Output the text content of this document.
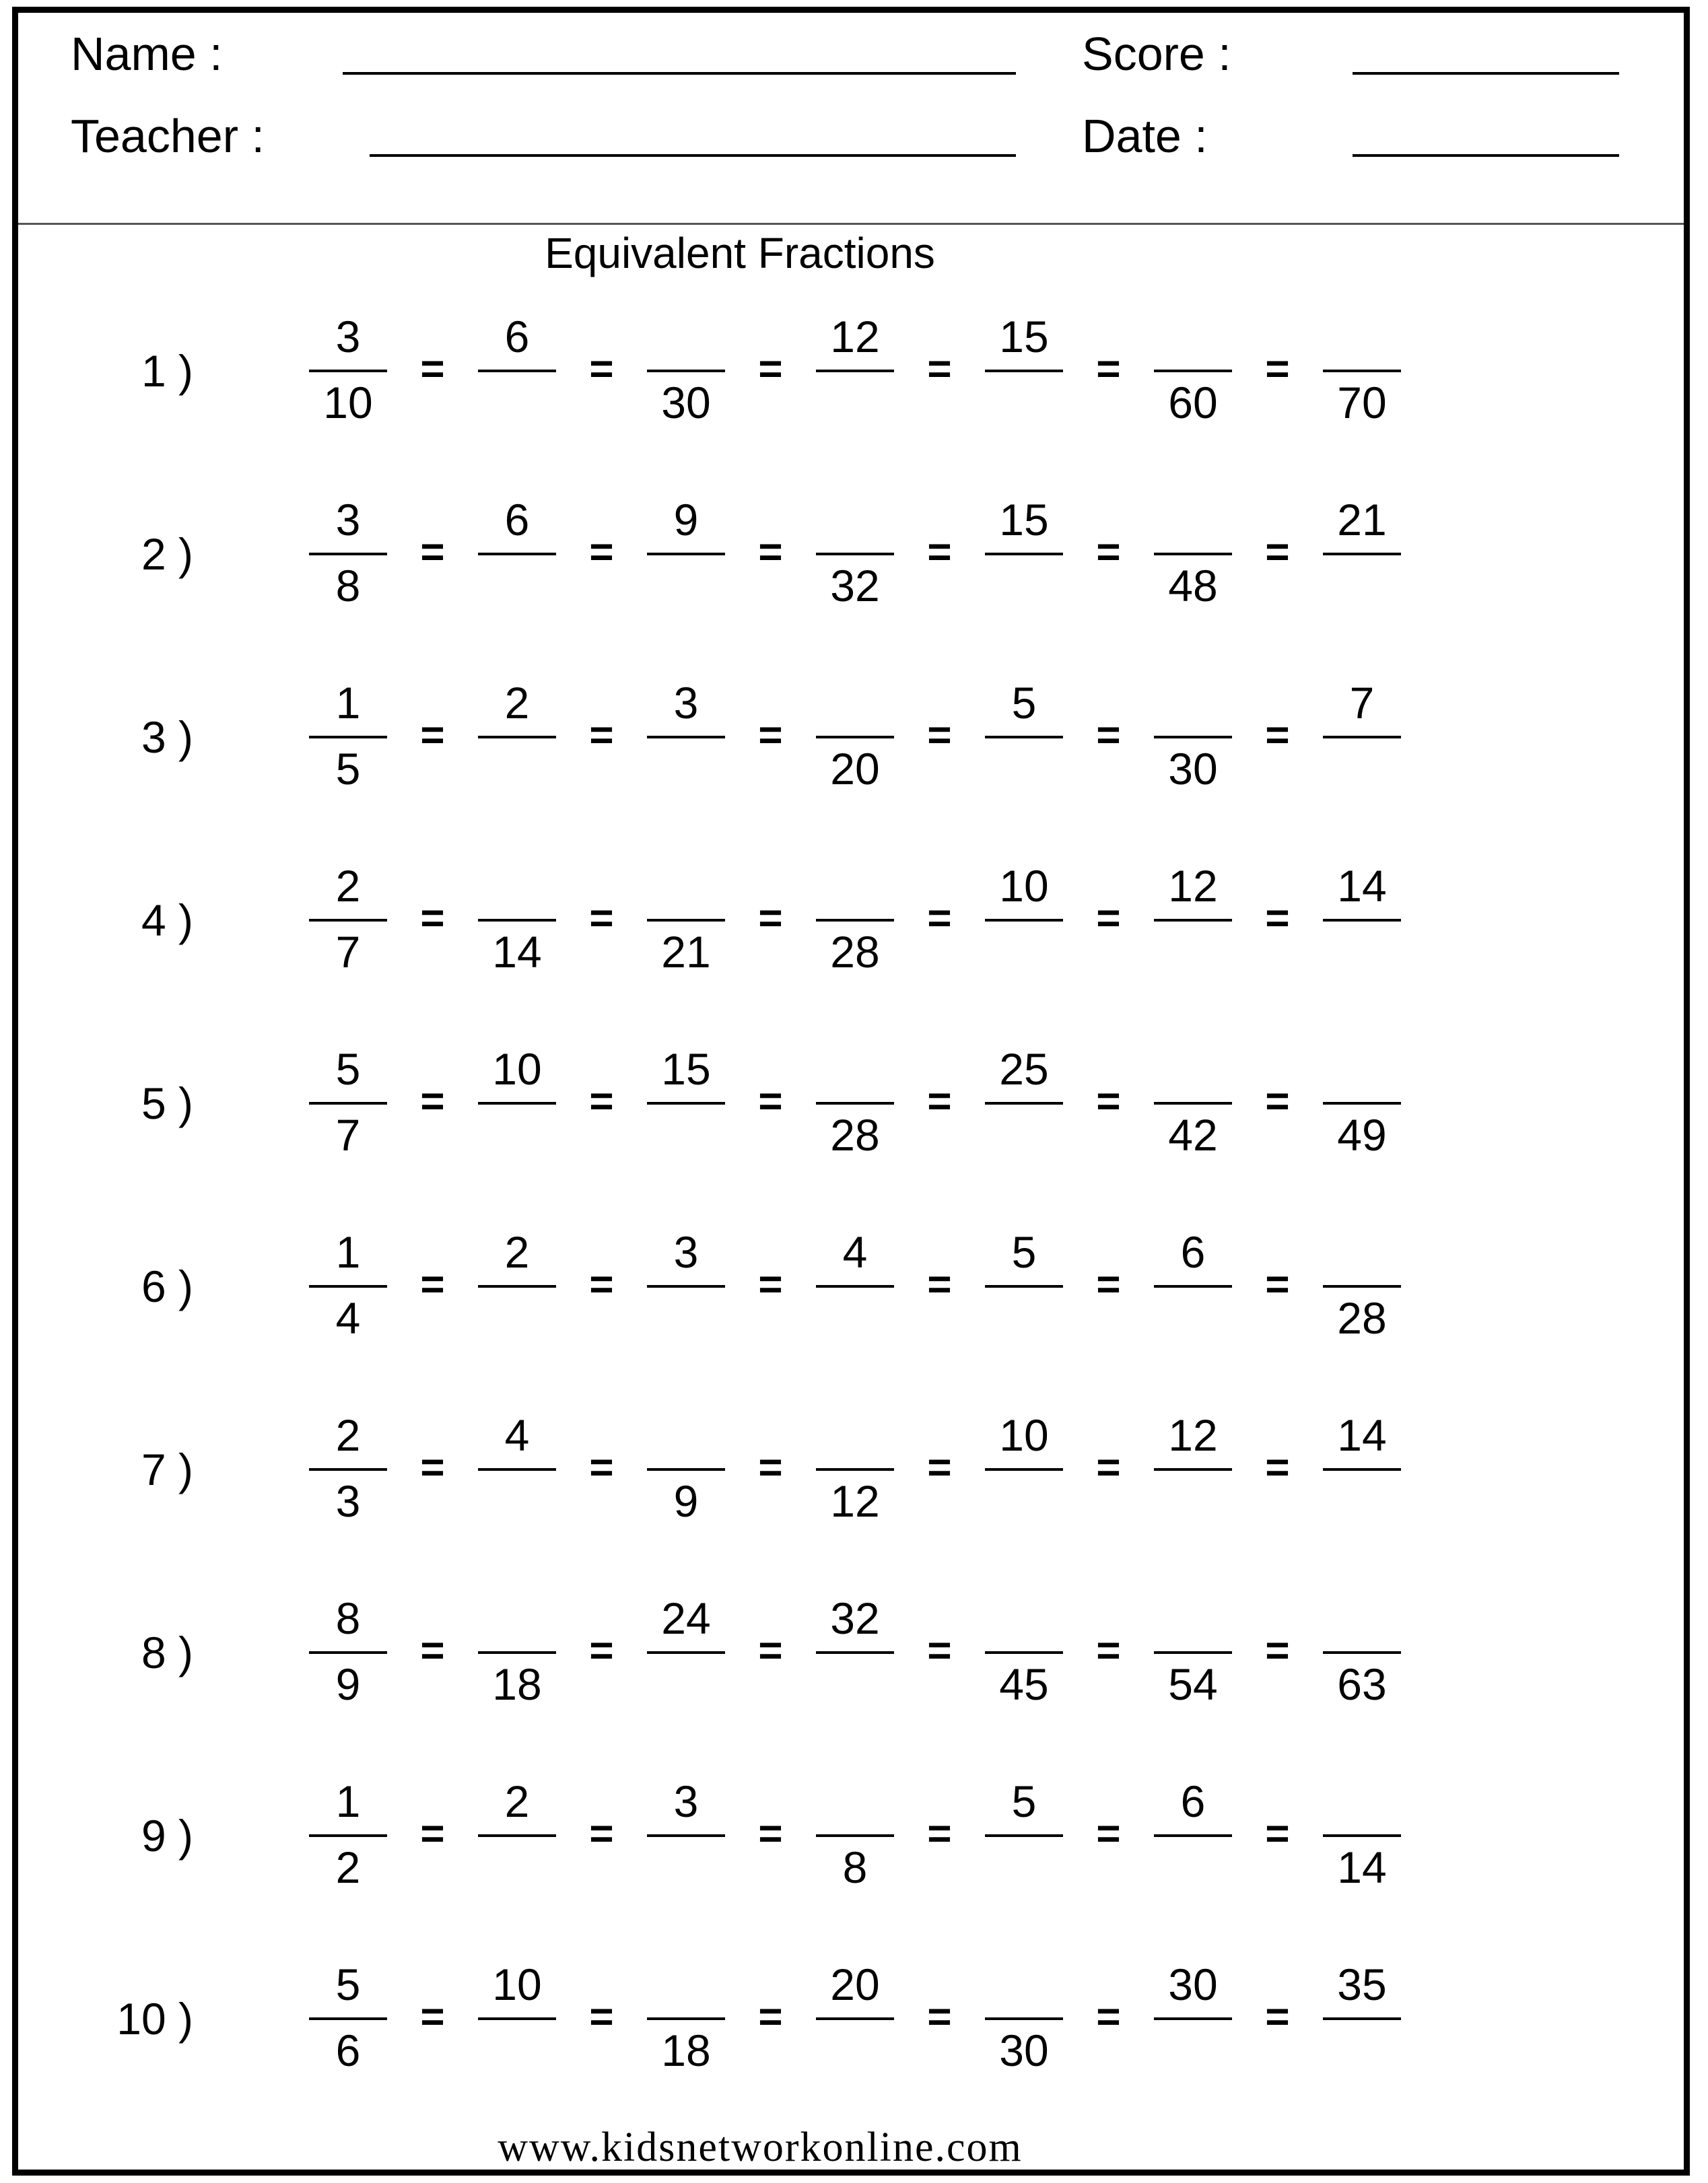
Name :	Score :
Teacher :	Date :
Equivalent Fractions
1 )
3
10
=
6
=
30
=
12
=
15
=
60
=
70
2 )
3
8
=
6
=
9
=
32
=
15
=
48
=
21
3 )
1
5
=
2
=
3
=
20
=
5
=
30
=
7
4 )
2
7
=
14
=
21
=
28
=
10
=
12
=
14
5 )
5
7
=
10
=
15
=
28
=
25
=
42
=
49
6 )
1
4
=
2
=
3
=
4
=
5
=
6
=
28
7 )
2
3
=
4
=
9
=
12
=
10
=
12
=
14
8 )
8
9
=
18
=
24
=
32
=
45
=
54
=
63
9 )
1
2
=
2
=
3
=
8
=
5
=
6
=
14
10 )
5
6
=
10
=
18
=
20
=
30
=
30
=
35
www.kidsnetworkonline.com
